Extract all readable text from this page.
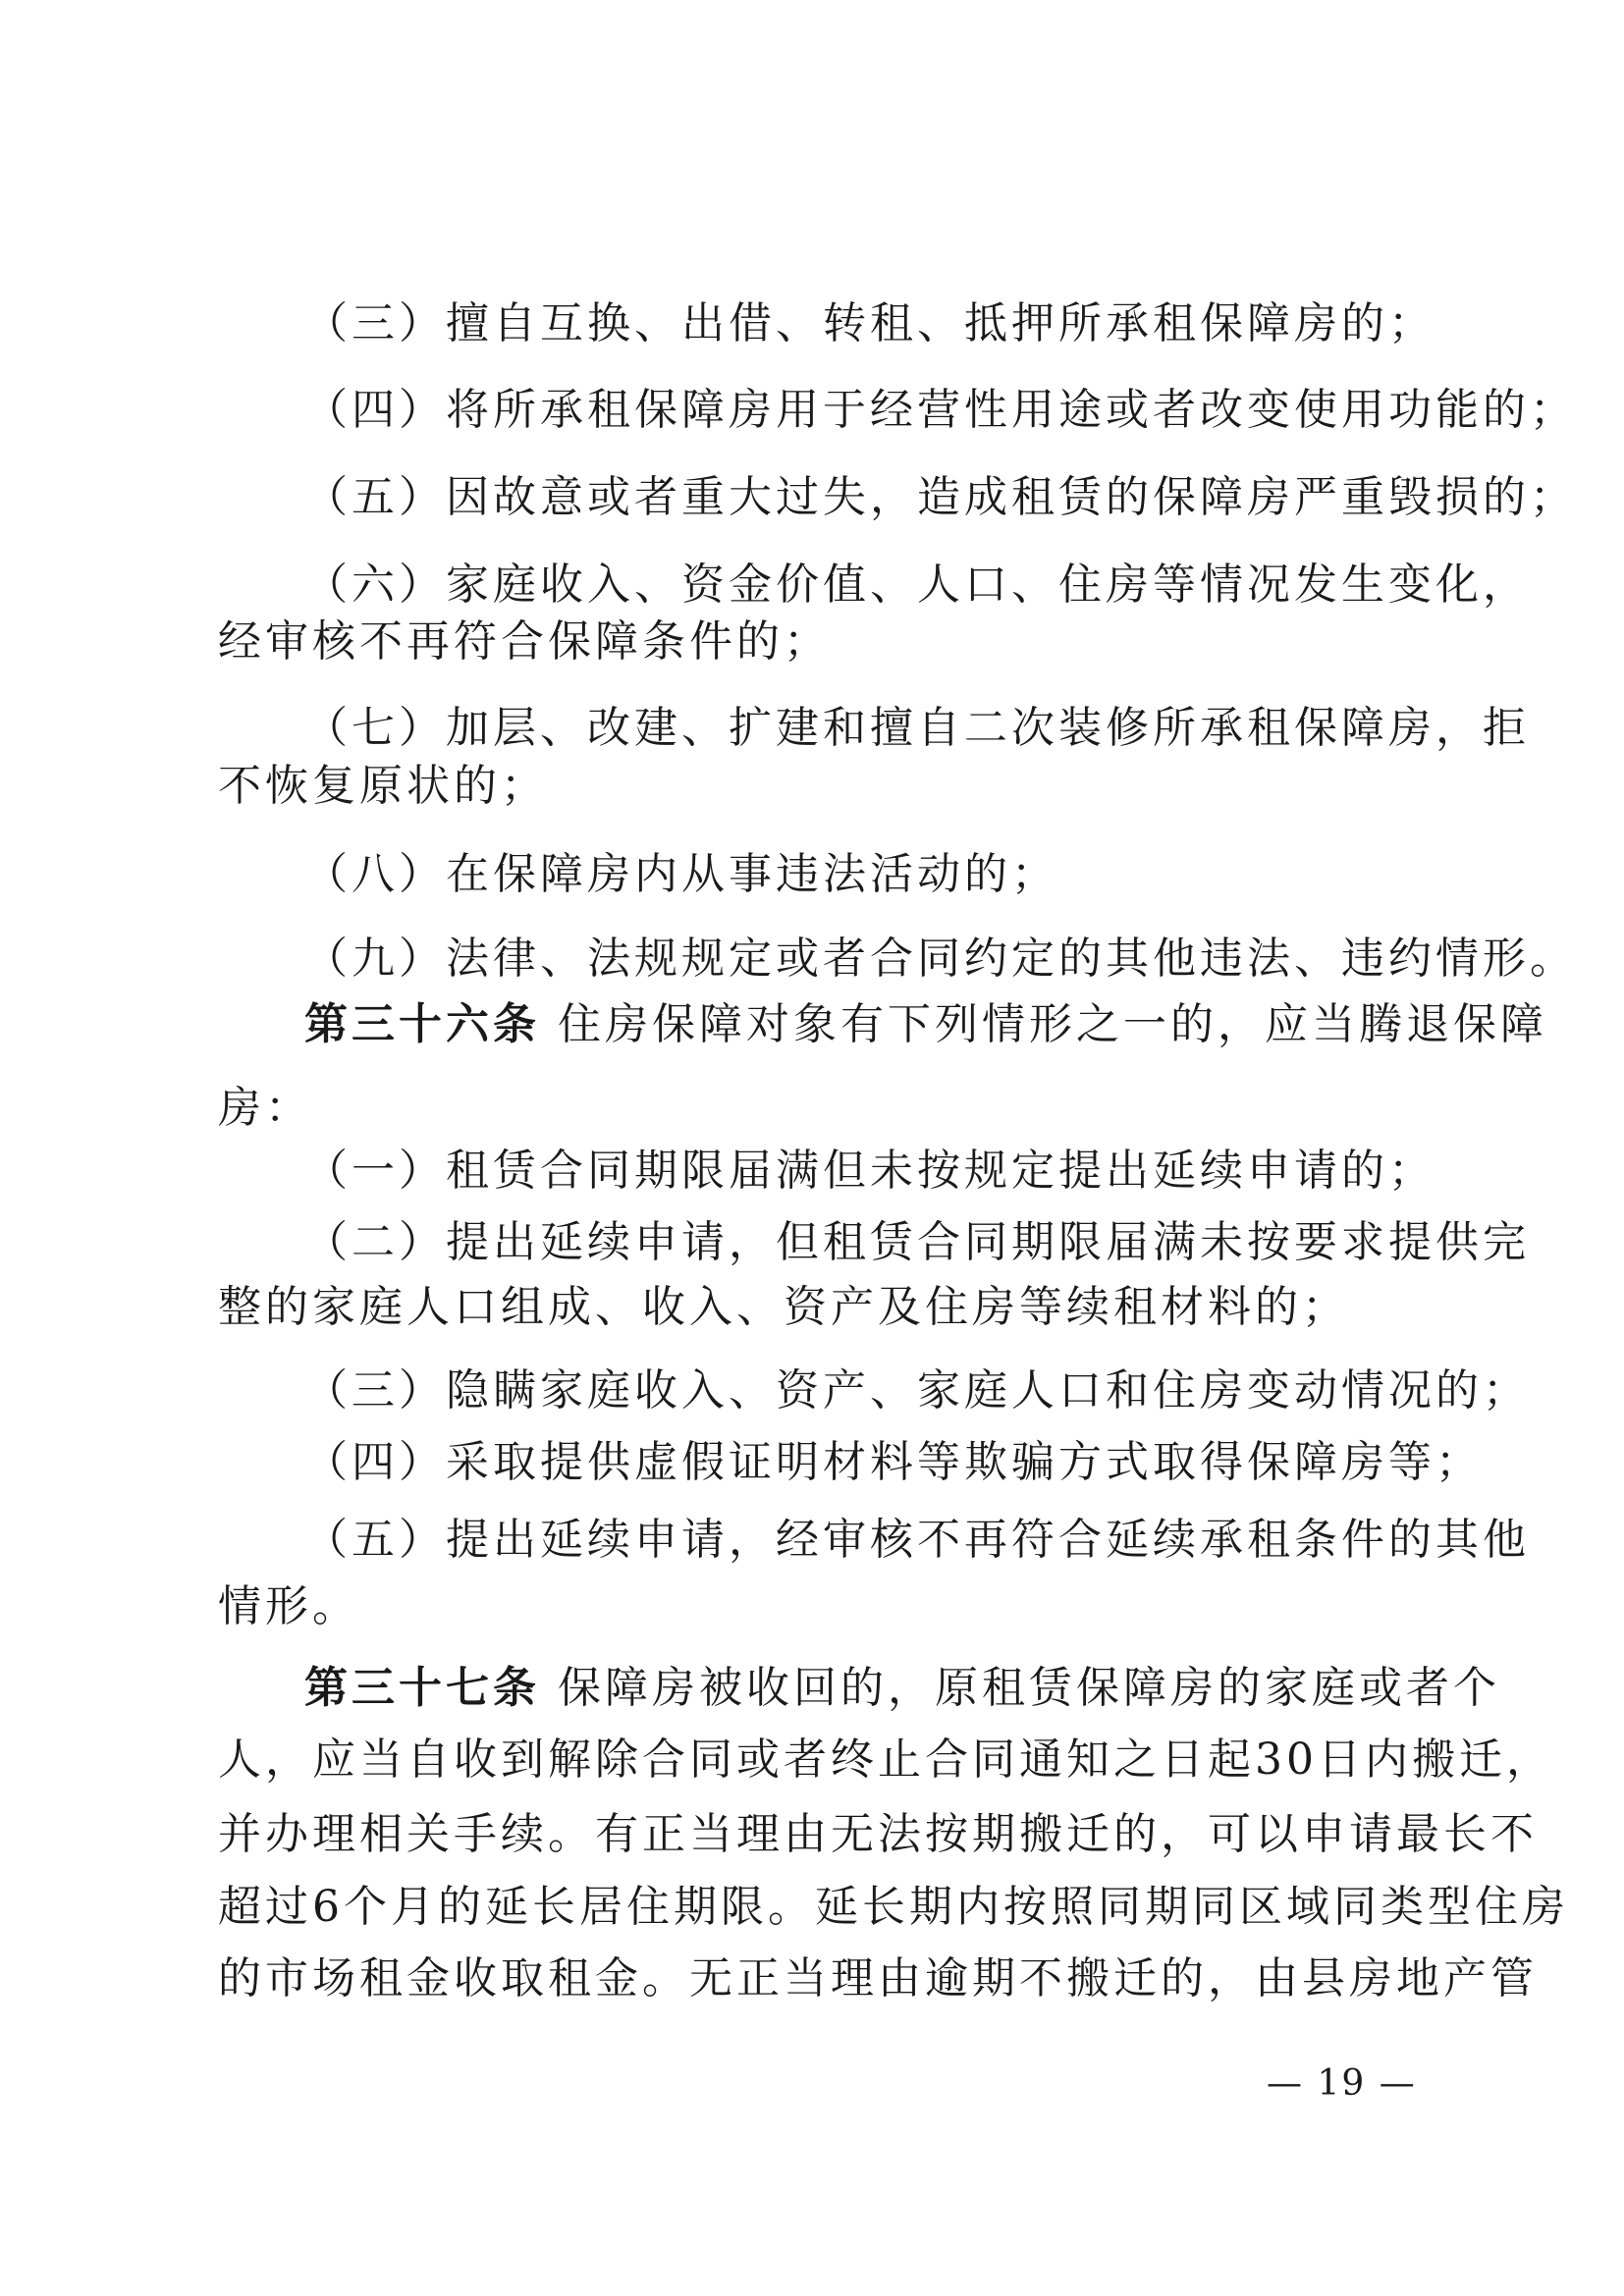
（三）擅自互换、出借、转租、抵押所承租保障房的；
（四）将所承租保障房用于经营性用途或者改变使用功能的；
（五）因故意或者重大过失，造成租赁的保障房严重毁损的；
（六）家庭收入、资金价值、人口、住房等情况发生变化，
经审核不再符合保障条件的；
（七）加层、改建、扩建和擅自二次装修所承租保障房，拒
不恢复原状的；
（八）在保障房内从事违法活动的；
（九）法律、法规规定或者合同约定的其他违法、违约情形。
第三十六条 住房保障对象有下列情形之一的，应当腾退保障
房：
（一）租赁合同期限届满但未按规定提出延续申请的；
（二）提出延续申请，但租赁合同期限届满未按要求提供完
整的家庭人口组成、收入、资产及住房等续租材料的；
（三）隐瞒家庭收入、资产、家庭人口和住房变动情况的；
（四）采取提供虚假证明材料等欺骗方式取得保障房等；
（五）提出延续申请，经审核不再符合延续承租条件的其他
情形。
第三十七条 保障房被收回的，原租赁保障房的家庭或者个
人，应当自收到解除合同或者终止合同通知之日起30日内搬迁，
并办理相关手续。有正当理由无法按期搬迁的，可以申请最长不
超过6个月的延长居住期限。延长期内按照同期同区域同类型住房
的市场租金收取租金。无正当理由逾期不搬迁的，由县房地产管
— 19 —
